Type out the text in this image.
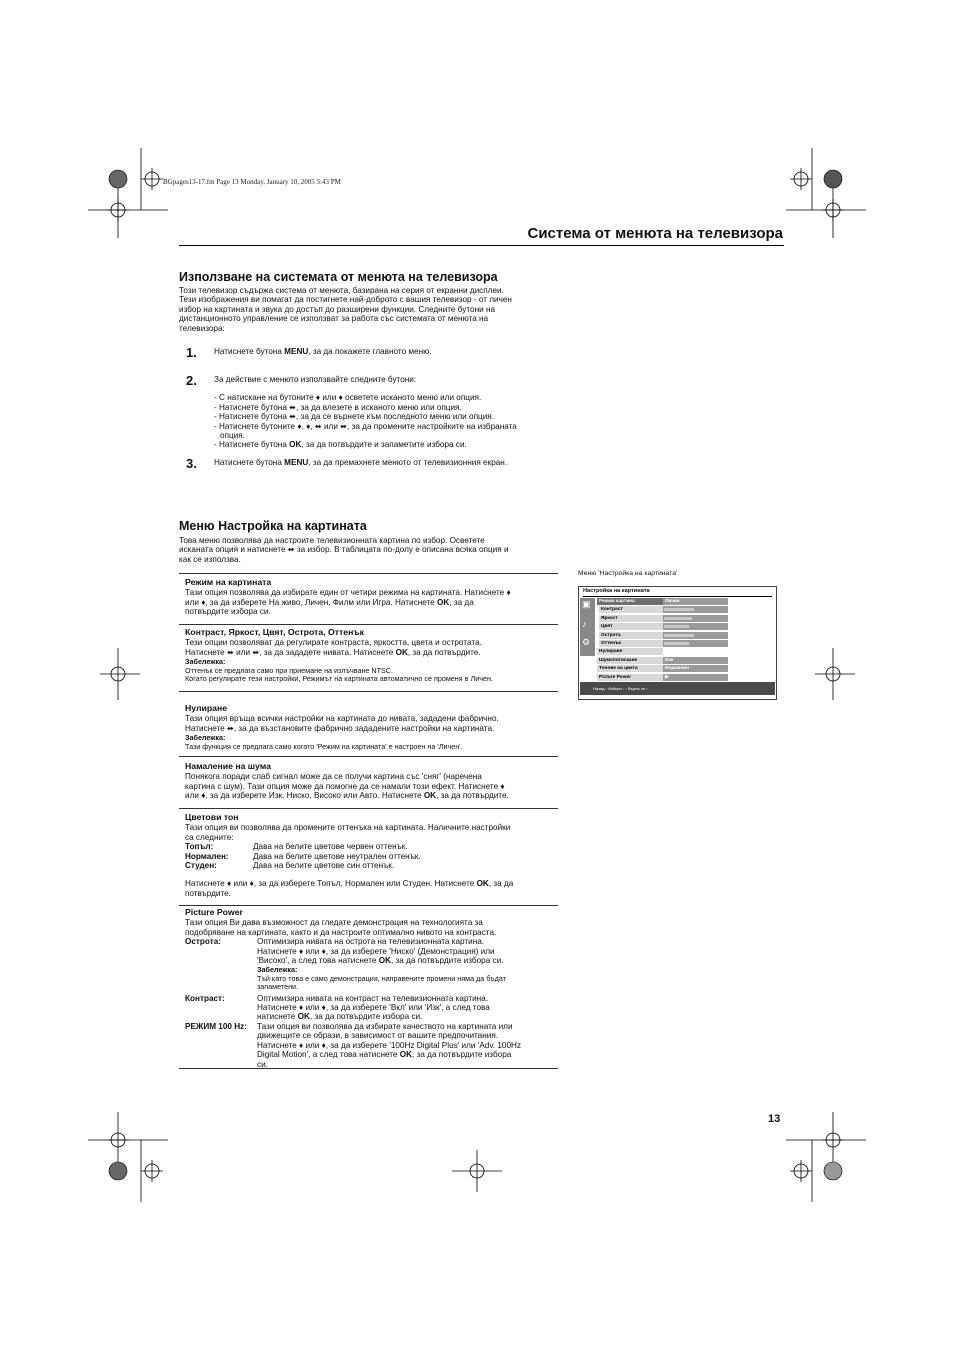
BGpages13-17.fm Page 13 Monday, January 10, 2005 5:43 PM
Система от менюта на телевизора
Използване на системата от менюта на телевизора
Този телевизор съдържа система от менюта, базирана на серия от екранни дисплеи.
Тези изображения ви помагат да постигнете най-доброто с вашия телевизор - от личен
избор на картината и звука до достъп до разширени функции. Следните бутони на
дистанционното управление се използват за работа със системата от менюта на
телевизора:
1. Натиснете бутона MENU, за да покажете главното меню.
2. За действие с менюто използвайте следните бутони:
- С натискане на бутоните ♦ или ♦ осветете исканото меню или опция.
- Натиснете бутона ⬌, за да влезете в исканото меню или опция.
- Натиснете бутона ⬌, за да се върнете към последното меню или опция.
- Натиснете бутоните ♦, ♦, ⬌ или ⬌, за да промените настройките на избраната
опция.
- Натиснете бутона OK, за да потвърдите и запаметите избора си.
3. Натиснете бутона MENU, за да премахнете менюто от телевизионния екран.
Меню Настройка на картината
Това меню позволява да настроите телевизионната картина по избор. Осветете
исканата опция и натиснете ⬌ за избор. В таблицата по-долу е описана всяка опция и
как се използва.
Режим на картината
Тази опция позволява да избирате един от четири режима на картината. Натиснете ♦
или ♦, за да изберете На живо, Личен, Филм или Игра. Натиснете OK, за да
потвърдите избора си.
Контраст, Яркост, Цвят, Острота, Оттенък
Тези опции позволяват да регулирате контраста, яркостта, цвета и остротата.
Натиснете ⬌ или ⬌, за да зададете нивата. Натиснете OK, за да потвърдите.
Забележка:
Оттенък се предлага само при приемане на излъчване NTSC.
Когато регулирате тези настройки, Режимът на картината автоматично се променя в Личен.
Нулиране
Тази опция връща всички настройки на картината до нивата, зададени фабрично.
Натиснете ⬌, за да възстановите фабрично зададените настройки на картината.
Забележка:
Тази функция се предлага само когато 'Режим на картината' е настроен на 'Личен'.
Намаление на шума
Понякога поради слаб сигнал може да се получи картина със 'сняг' (наречена
картина с шум). Тази опция може да помогне да се намали този ефект. Натиснете ♦
или ♦, за да изберете Изк, Ниско, Високо или Авто. Натиснете OK, за да потвърдите.
Цветови тон
Тази опция ви позволява да промените оттенъка на картината. Наличните настройки
са следните:
Топъл:	Дава на белите цветове червен оттенък.
Нормален:	Дава на белите цветове неутрален оттенък.
Студен:	Дава на белите цветове син оттенък.
Натиснете ♦ или ♦, за да изберете Топъл, Нормален или Студен. Натиснете OK, за да
потвърдите.
Picture Power
Тази опция Ви дава възможност да гледате демонстрация на технологията за
подобряване на картината, както и да настроите оптимално нивото на контраста.
Острота:	Оптимизира нивата на острота на телевизионната картина.
Натиснете ♦ или ♦, за да изберете 'Ниско' (Демонстрация) или
'Високо', а след това натиснете OK, за да потвърдите избора си.
Забележка:
Тъй като това е само демонстрация, направените промени няма да бъдат
запаметени.
Контраст:	Оптимизира нивата на контраст на телевизионната картина.
Натиснете ♦ или ♦, за да изберете 'Вкл' или 'Изк', а след това
натиснете OK, за да потвърдите избора си.
РЕЖИМ 100 Hz:	Тази опция ви позволява да избирате качеството на картината или
движещите се образи, в зависимост от вашите предпочитания.
Натиснете ♦ или ♦, за да изберете '100Hz Digital Plus' или 'Adv. 100Hz
Digital Motion', а след това натиснете OK, за да потвърдите избора
си.
Меню 'Настройка на картината'
Настройка на картината
▣
♪
⚙
Режим картина	Личен
Контраст
Яркост
Цвят
Острота
Оттенък
Нулиране
Шумопотискане	Изк
Тонове на цвета	Нормален
Picture Power	▶
Назад ▫ Избери ▫ ▫ Върни се ▫
13
